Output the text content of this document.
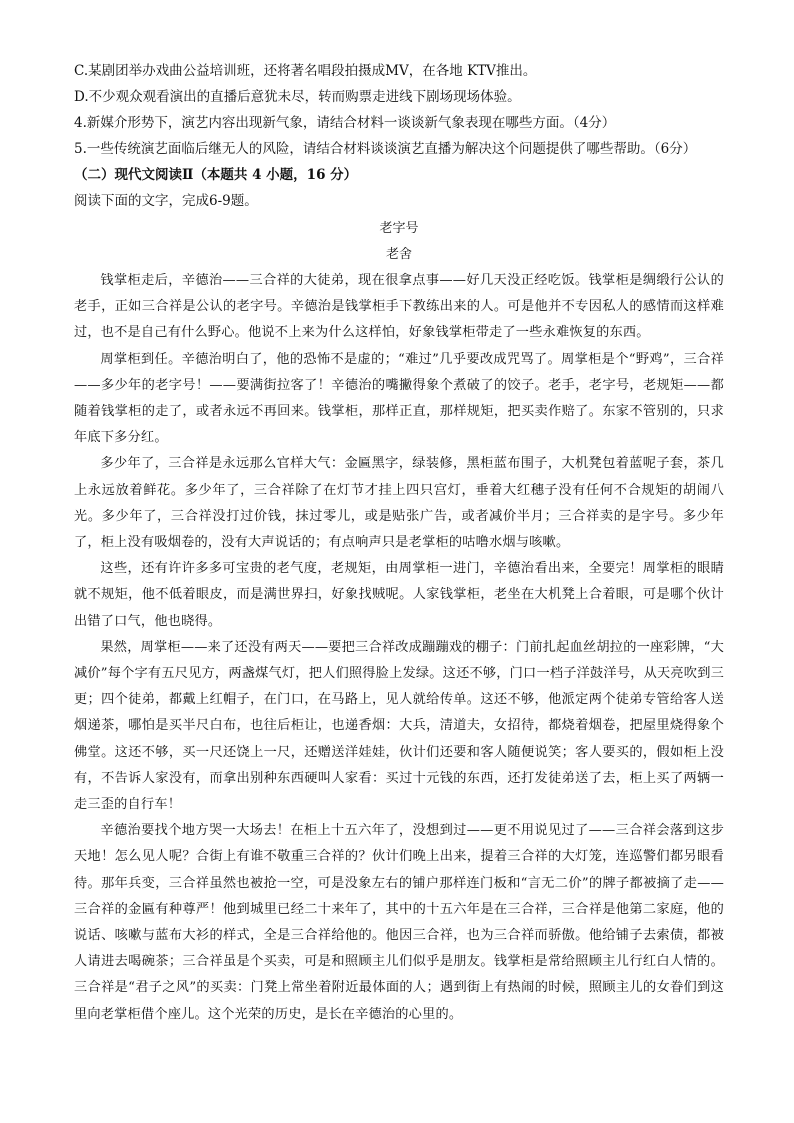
C.某剧团举办戏曲公益培训班，还将著名唱段拍摄成MV，在各地 KTV推出。
D.不少观众观看演出的直播后意犹未尽，转而购票走进线下剧场现场体验。
4.新媒介形势下，演艺内容出现新气象，请结合材料一谈谈新气象表现在哪些方面。（4分）
5.一些传统演艺面临后继无人的风险，请结合材料谈谈演艺直播为解决这个问题提供了哪些帮助。（6分）
（二）现代文阅读Ⅱ（本题共 4 小题，16 分）
阅读下面的文字，完成6-9题。
老字号
老舍

钱掌柜走后，辛德治——三合祥的大徒弟，现在很拿点事——好几天没正经吃饭。钱掌柜是绸缎行公认的老手，正如三合祥是公认的老字号。辛德治是钱掌柜手下教练出来的人。可是他并不专因私人的感情而这样难过，也不是自己有什么野心。他说不上来为什么这样怕，好象钱掌柜带走了一些永难恢复的东西。

周掌柜到任。辛德治明白了，他的恐怖不是虚的；“难过”几乎要改成咒骂了。周掌柜是个“野鸡”，三合祥——多少年的老字号！——要满街拉客了！辛德治的嘴撇得象个煮破了的饺子。老手，老字号，老规矩——都随着钱掌柜的走了，或者永远不再回来。钱掌柜，那样正直，那样规矩，把买卖作赔了。东家不管别的，只求年底下多分红。

多少年了，三合祥是永远那么官样大气：金匾黑字，绿装修，黑柜蓝布围子，大机凳包着蓝呢子套，茶几上永远放着鲜花。多少年了，三合祥除了在灯节才挂上四只宫灯，垂着大红穗子没有任何不合规矩的胡闹八光。多少年了，三合祥没打过价钱，抹过零儿，或是贴张广告，或者减价半月；三合祥卖的是字号。多少年了，柜上没有吸烟卷的，没有大声说话的；有点响声只是老掌柜的咕噜水烟与咳嗽。

这些，还有许许多多可宝贵的老气度，老规矩，由周掌柜一进门，辛德治看出来，全要完！周掌柜的眼睛就不规矩，他不低着眼皮，而是满世界扫，好象找贼呢。人家钱掌柜，老坐在大机凳上合着眼，可是哪个伙计出错了口气，他也晓得。

果然，周掌柜——来了还没有两天——要把三合祥改成蹦蹦戏的棚子：门前扎起血丝胡拉的一座彩牌，“大减价”每个字有五尺见方，两盏煤气灯，把人们照得脸上发绿。这还不够，门口一档子洋鼓洋号，从天亮吹到三更；四个徒弟，都戴上红帽子，在门口，在马路上，见人就给传单。这还不够，他派定两个徒弟专管给客人送烟递茶，哪怕是买半尺白布，也往后柜让，也递香烟：大兵，清道夫，女招待，都烧着烟卷，把屋里烧得象个佛堂。这还不够，买一尺还饶上一尺，还赠送洋娃娃，伙计们还要和客人随便说笑；客人要买的，假如柜上没有，不告诉人家没有，而拿出别种东西硬叫人家看：买过十元钱的东西，还打发徒弟送了去，柜上买了两辆一走三歪的自行车！

辛德治要找个地方哭一大场去！在柜上十五六年了，没想到过——更不用说见过了——三合祥会落到这步天地！怎么见人呢？合街上有谁不敬重三合祥的？伙计们晚上出来，提着三合祥的大灯笼，连巡警们都另眼看待。那年兵变，三合祥虽然也被抢一空，可是没象左右的铺户那样连门板和“言无二价”的牌子都被摘了走——三合祥的金匾有种尊严！他到城里已经二十来年了，其中的十五六年是在三合祥，三合祥是他第二家庭，他的说话、咳嗽与蓝布大衫的样式，全是三合祥给他的。他因三合祥，也为三合祥而骄傲。他给铺子去索债，都被人请进去喝碗茶；三合祥虽是个买卖，可是和照顾主儿们似乎是朋友。钱掌柜是常给照顾主儿行红白人情的。三合祥是“君子之风”的买卖：门凳上常坐着附近最体面的人；遇到街上有热闹的时候，照顾主儿的女眷们到这里向老掌柜借个座儿。这个光荣的历史，是长在辛德治的心里的。
